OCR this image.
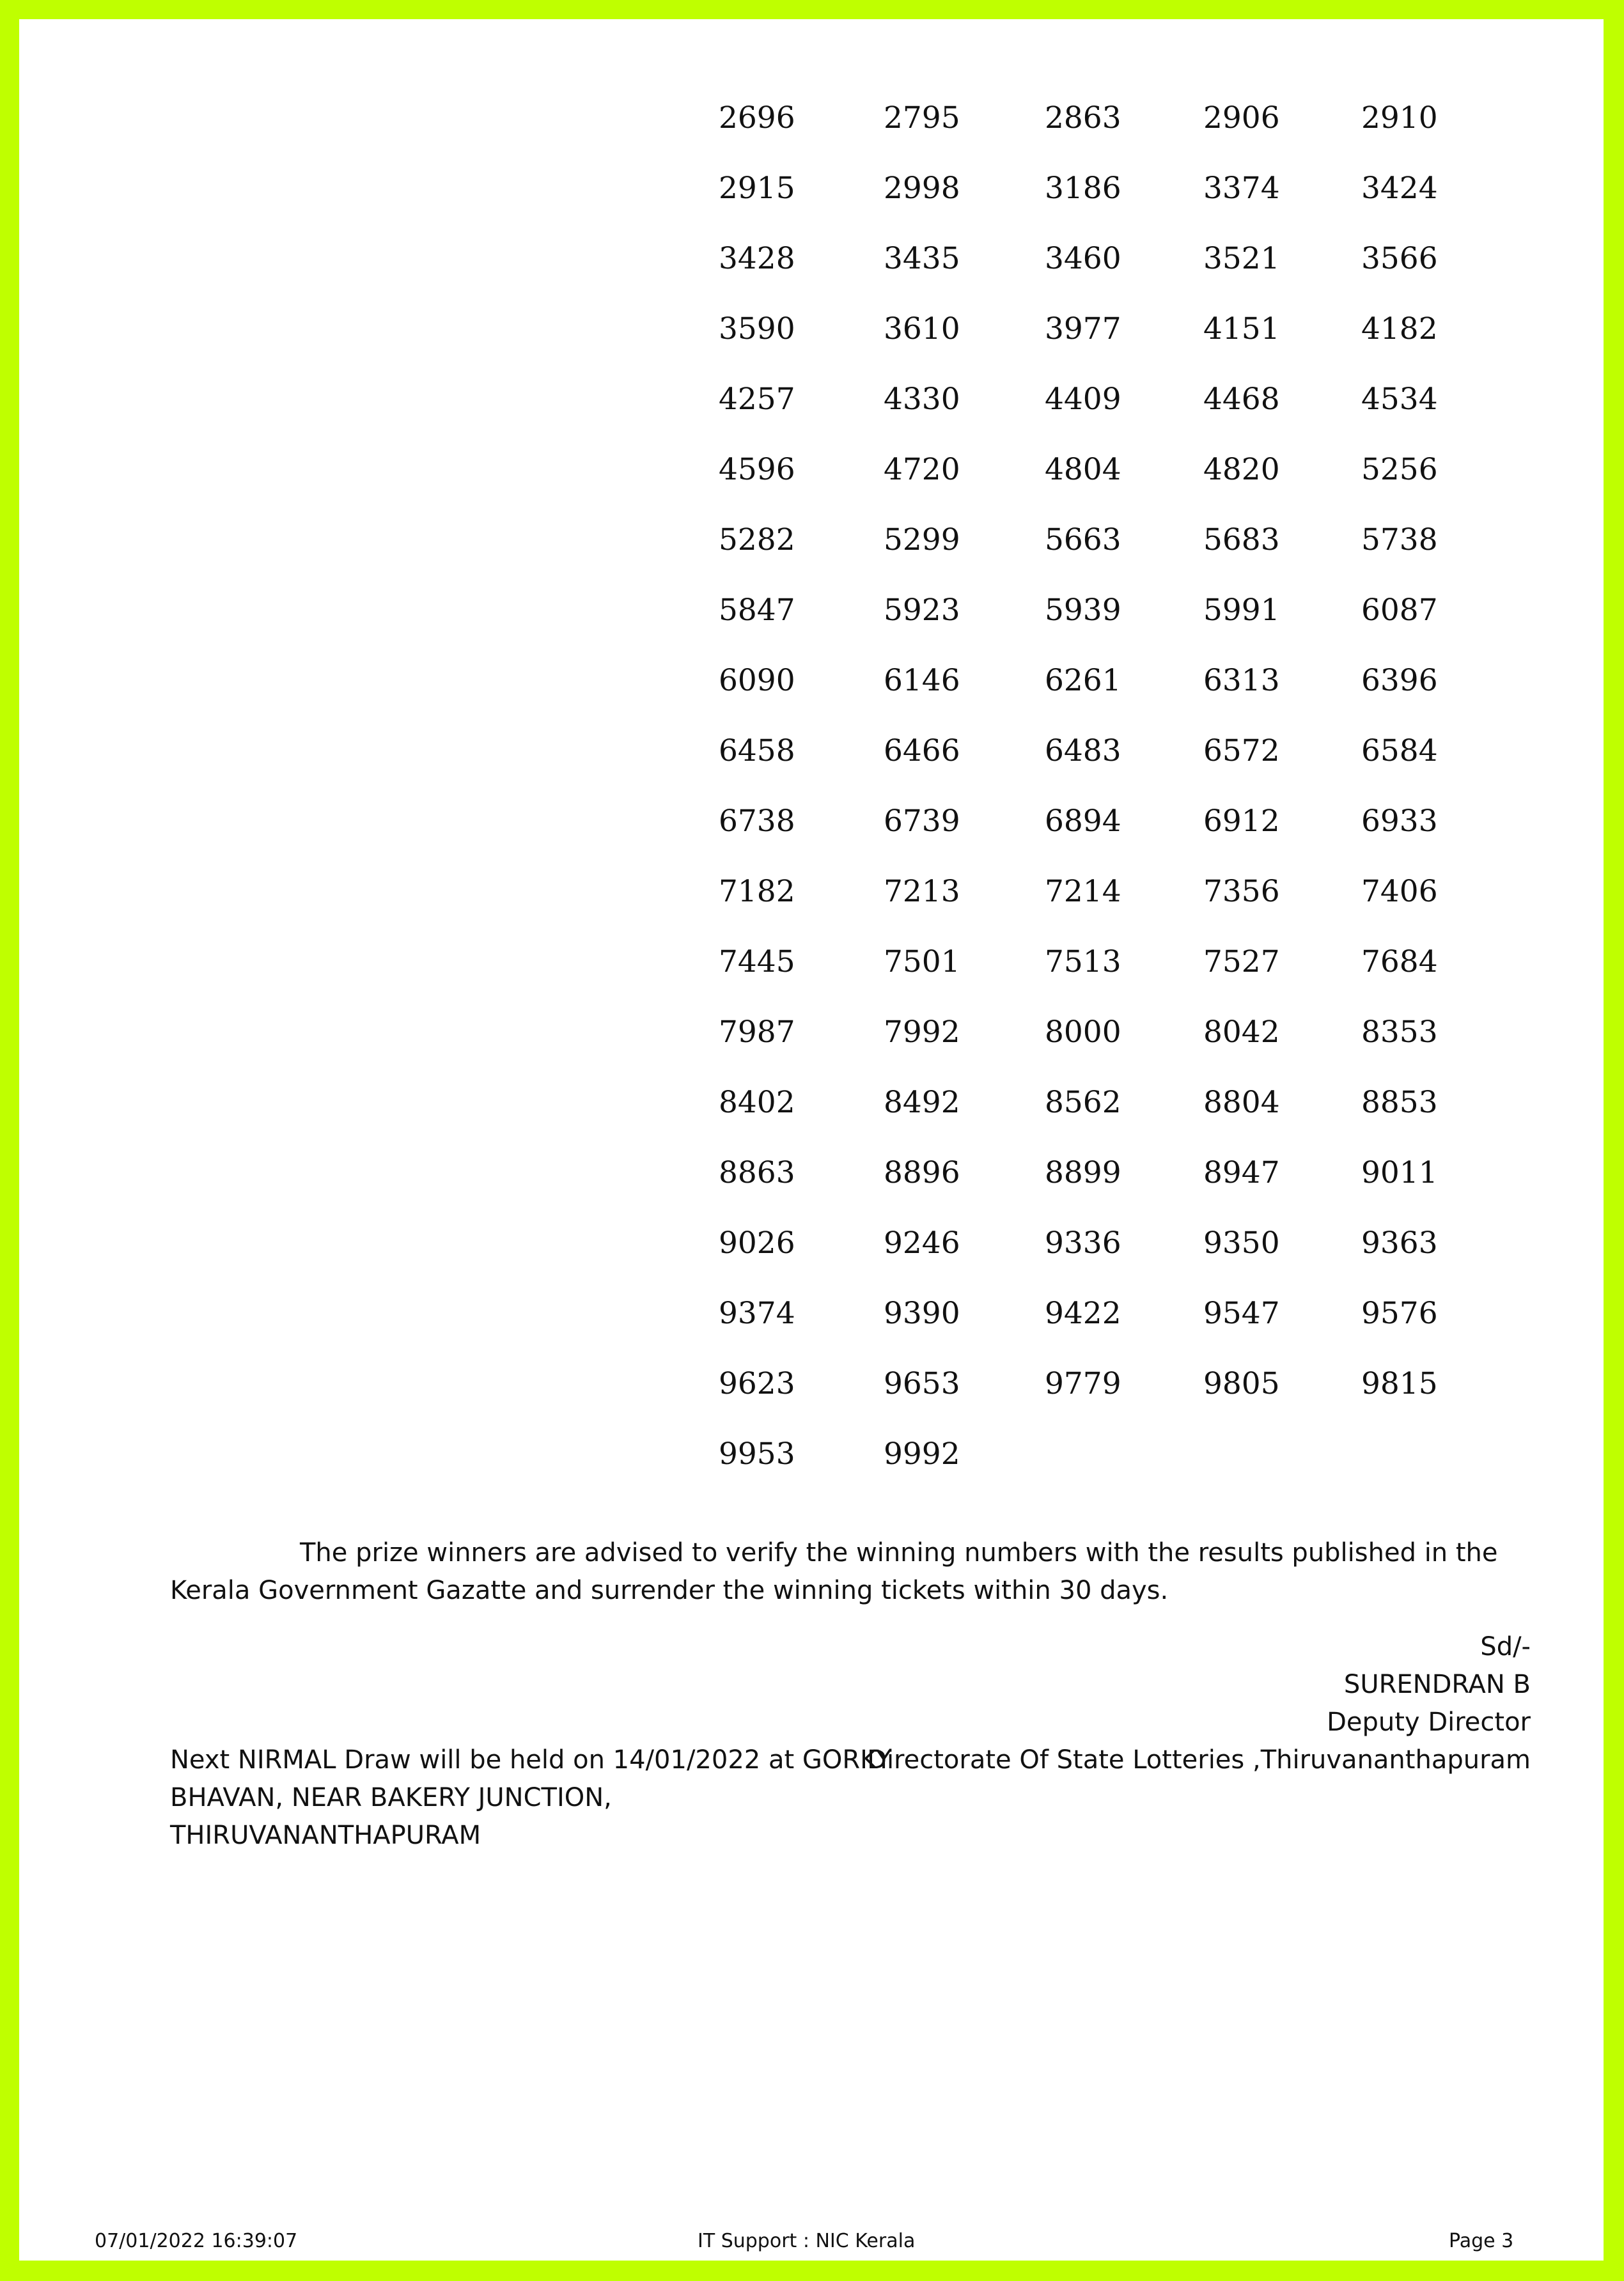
2696	2795	2863	2906	2910
2915	2998	3186	3374	3424
3428	3435	3460	3521	3566
3590	3610	3977	4151	4182
4257	4330	4409	4468	4534
4596	4720	4804	4820	5256
5282	5299	5663	5683	5738
5847	5923	5939	5991	6087
6090	6146	6261	6313	6396
6458	6466	6483	6572	6584
6738	6739	6894	6912	6933
7182	7213	7214	7356	7406
7445	7501	7513	7527	7684
7987	7992	8000	8042	8353
8402	8492	8562	8804	8853
8863	8896	8899	8947	9011
9026	9246	9336	9350	9363
9374	9390	9422	9547	9576
9623	9653	9779	9805	9815
9953	9992

The prize winners are advised to verify the winning numbers with the results published in the Kerala Government Gazatte and surrender the winning tickets within 30 days.

Sd/-
SURENDRAN B
Deputy Director
Directorate Of State Lotteries ,Thiruvananthapuram

Next NIRMAL Draw will be held on 14/01/2022 at GORKY BHAVAN, NEAR BAKERY JUNCTION, THIRUVANANTHAPURAM

07/01/2022 16:39:07	IT Support : NIC Kerala	Page 3
